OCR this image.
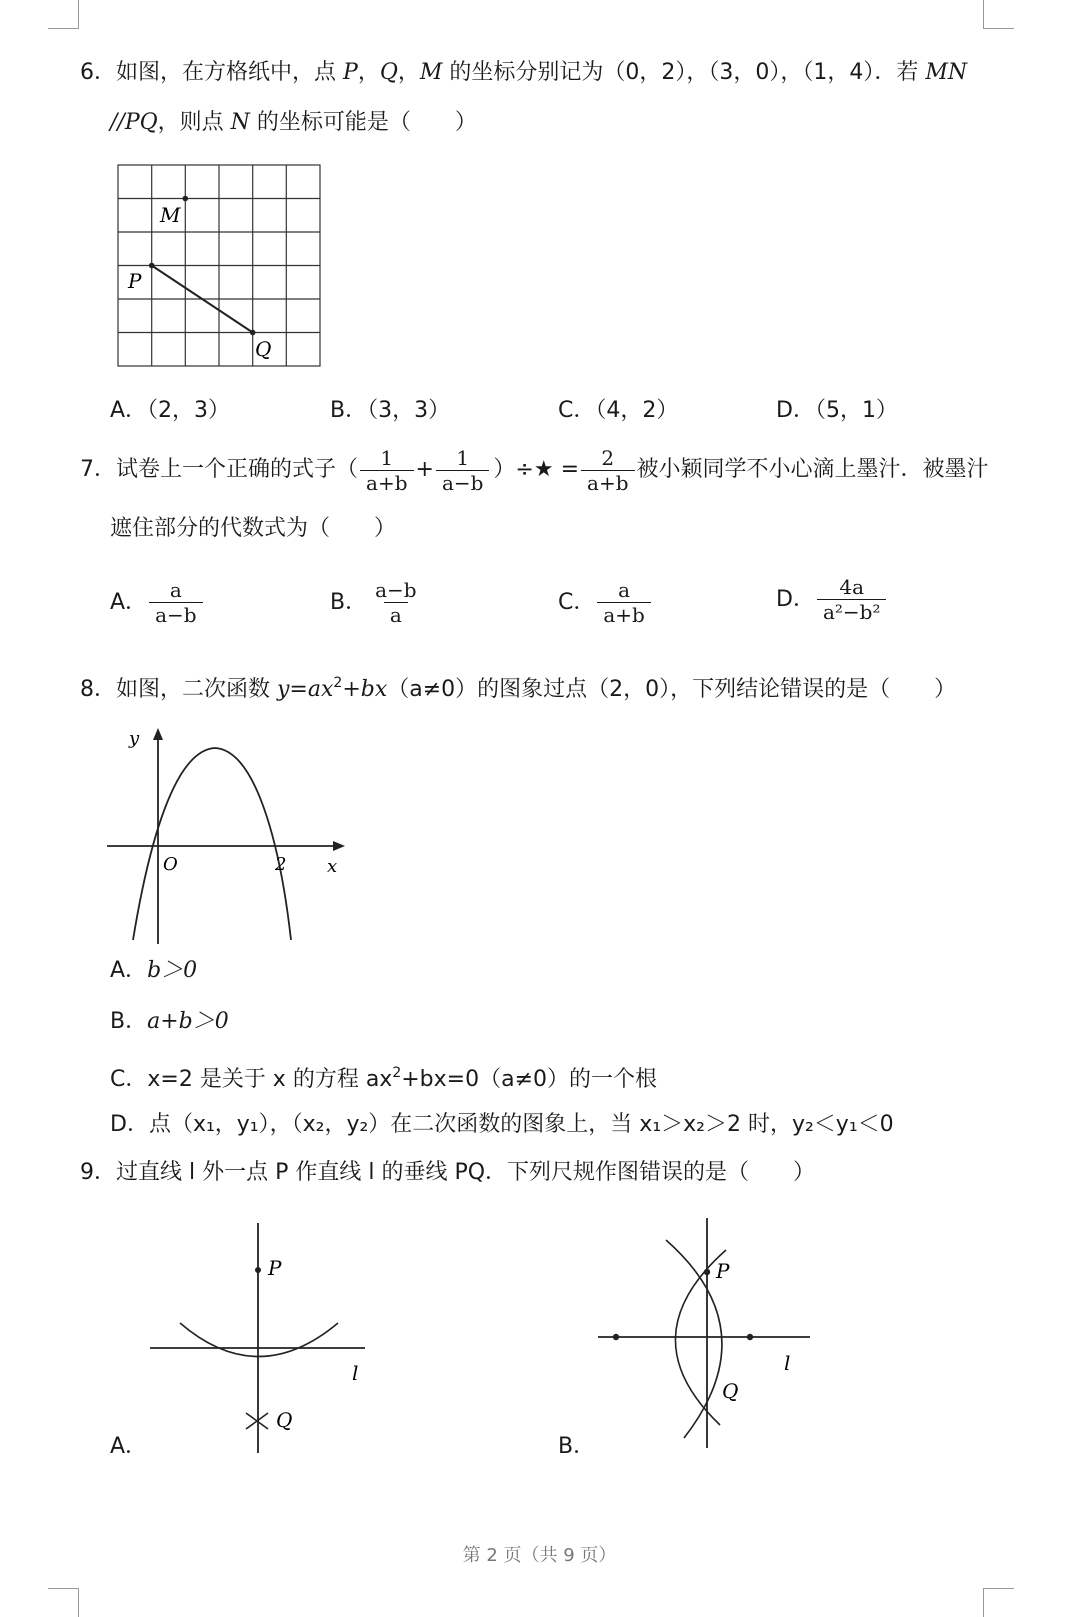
6．如图，在方格纸中，点 P，Q，M 的坐标分别记为（0，2），（3，0），（1，4）．若 MN
//PQ，则点 N 的坐标可能是（　　）
M
P
Q
A．（2，3）	B．（3，3）	C．（4，2）	D．（5，1）
7． 试卷上一个正确的式子（ $\frac{1}{a+b} + \frac{1}{a-b}$ ）÷★ = $\frac{2}{a+b}$ 被小颖同学不小心滴上墨汁．被墨汁
遮住部分的代数式为（　　）
A． $\frac{a}{a-b}$	B． $\frac{a-b}{a}$	C． $\frac{a}{a+b}$	D． $\frac{4a}{\text{a²−b²}}$
8．如图，二次函数 $y=ax^2+bx(a\ne 0)$的图象过点（2，0），下列结论错误的是（　　）
y
x
O	2
A．b＞0
B．a+b＞0
C．x=2 是关于 x 的方程 $ax^2+bx=0(a\ne 0)$的一个根
D．点（x₁，y₁），（x₂，y₂）在二次函数的图象上，当 x₁＞x₂＞2 时，y₂＜y₁＜0
9．过直线 l 外一点 P 作直线 l 的垂线 PQ．下列尺规作图错误的是（　　）
P
l
Q
A．
P
l
Q
B．
第 2 页（共 9 页）
